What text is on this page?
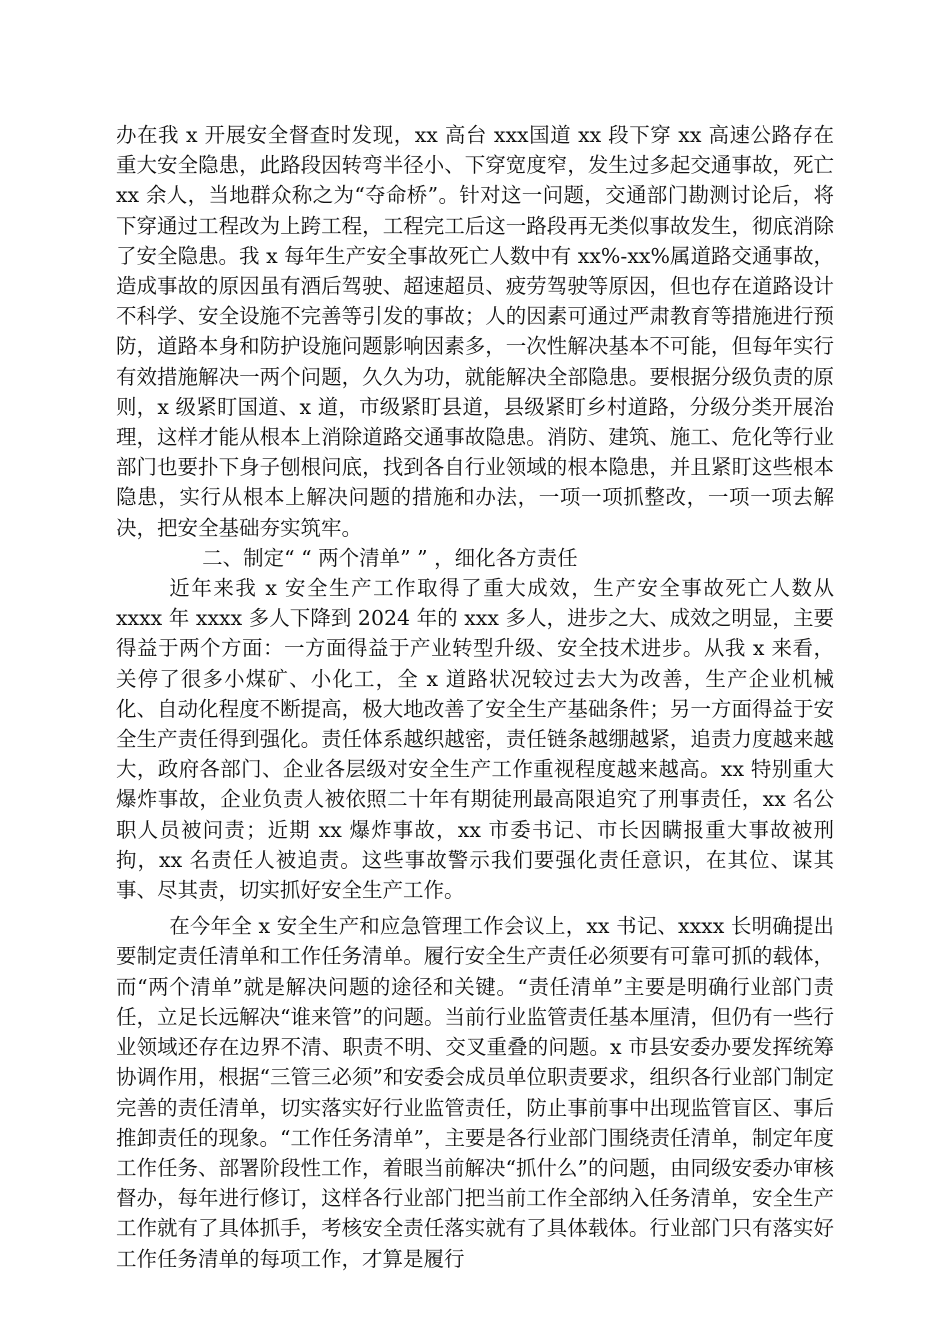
办在我 x 开展安全督查时发现，xx 高台 xxx国道 xx 段下穿 xx 高速公路存在重大安全隐患，此路段因转弯半径小、下穿宽度窄，发生过多起交通事故，死亡 xx 余人，当地群众称之为“夺命桥”。针对这一问题，交通部门勘测讨论后，将下穿通过工程改为上跨工程，工程完工后这一路段再无类似事故发生，彻底消除了安全隐患。我 x 每年生产安全事故死亡人数中有 xx%-xx%属道路交通事故，造成事故的原因虽有酒后驾驶、超速超员、疲劳驾驶等原因，但也存在道路设计不科学、安全设施不完善等引发的事故；人的因素可通过严肃教育等措施进行预防，道路本身和防护设施问题影响因素多，一次性解决基本不可能，但每年实行有效措施解决一两个问题，久久为功，就能解决全部隐患。要根据分级负责的原则，x 级紧盯国道、x 道，市级紧盯县道，县级紧盯乡村道路，分级分类开展治理，这样才能从根本上消除道路交通事故隐患。消防、建筑、施工、危化等行业部门也要扑下身子刨根问底，找到各自行业领域的根本隐患，并且紧盯这些根本隐患，实行从根本上解决问题的措施和办法，一项一项抓整改，一项一项去解决，把安全基础夯实筑牢。

二、制定“ “ 两个清单” ” ，细化各方责任

近年来我 x 安全生产工作取得了重大成效，生产安全事故死亡人数从 xxxx 年 xxxx 多人下降到 2024 年的 xxx 多人，进步之大、成效之明显，主要得益于两个方面：一方面得益于产业转型升级、安全技术进步。从我 x 来看，关停了很多小煤矿、小化工，全 x 道路状况较过去大为改善，生产企业机械化、自动化程度不断提高，极大地改善了安全生产基础条件；另一方面得益于安全生产责任得到强化。责任体系越织越密，责任链条越绷越紧，追责力度越来越大，政府各部门、企业各层级对安全生产工作重视程度越来越高。xx 特别重大爆炸事故，企业负责人被依照二十年有期徒刑最高限追究了刑事责任，xx 名公职人员被问责；近期 xx 爆炸事故，xx 市委书记、市长因瞒报重大事故被刑拘，xx 名责任人被追责。这些事故警示我们要强化责任意识，在其位、谋其事、尽其责，切实抓好安全生产工作。

在今年全 x 安全生产和应急管理工作会议上，xx 书记、xxxx 长明确提出要制定责任清单和工作任务清单。履行安全生产责任必须要有可靠可抓的载体，而“两个清单”就是解决问题的途径和关键。“责任清单”主要是明确行业部门责任，立足长远解决“谁来管”的问题。当前行业监管责任基本厘清，但仍有一些行业领域还存在边界不清、职责不明、交叉重叠的问题。x 市县安委办要发挥统筹协调作用，根据“三管三必须”和安委会成员单位职责要求，组织各行业部门制定完善的责任清单，切实落实好行业监管责任，防止事前事中出现监管盲区、事后推卸责任的现象。“工作任务清单”，主要是各行业部门围绕责任清单，制定年度工作任务、部署阶段性工作，着眼当前解决“抓什么”的问题，由同级安委办审核督办，每年进行修订，这样各行业部门把当前工作全部纳入任务清单，安全生产工作就有了具体抓手，考核安全责任落实就有了具体载体。行业部门只有落实好工作任务清单的每项工作，才算是履行
